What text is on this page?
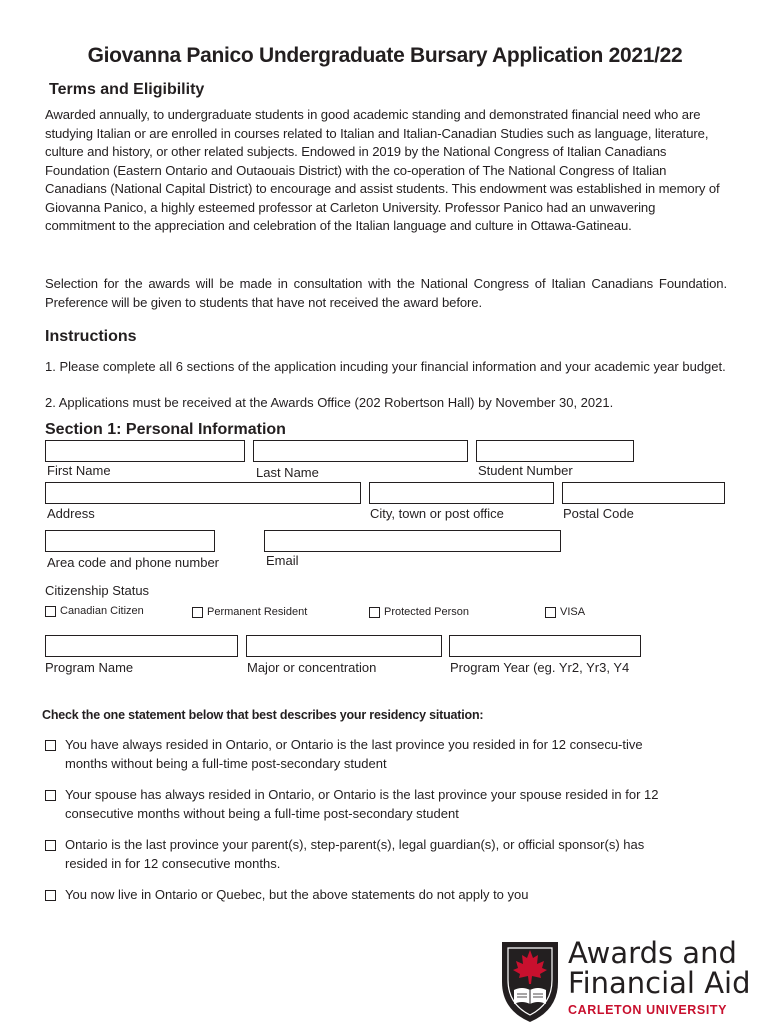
Giovanna Panico Undergraduate Bursary Application 2021/22
Terms and Eligibility
Awarded annually, to undergraduate students in good academic standing and demonstrated financial need who are studying Italian or are enrolled in courses related to Italian and Italian-Canadian Studies such as language, literature, culture and history, or other related subjects. Endowed in 2019 by the National Congress of Italian Canadians Foundation (Eastern Ontario and Outaouais District) with the co-operation of The National Congress of Italian Canadians (National Capital District) to encourage and assist students. This endowment was established in memory of Giovanna Panico, a highly esteemed professor at Carleton University. Professor Panico had an unwavering commitment to the appreciation and celebration of the Italian language and culture in Ottawa-Gatineau.
Selection for the awards will be made in consultation with the National Congress of Italian Canadians Foundation. Preference will be given to students that have not received the award before.
Instructions
1. Please complete all 6 sections of the application incuding your financial information and your academic year budget.
2. Applications must be received at the Awards Office (202 Robertson Hall) by November 30, 2021.
Section 1: Personal Information
First Name	Last Name	Student Number
Address	City, town or post office	Postal Code
Area code and phone number	Email
Citizenship Status
Canadian Citizen	Permanent Resident	Protected Person	VISA
Program Name	Major or concentration	Program Year (eg. Yr2, Yr3, Y4
Check the one statement below that best describes your residency situation:
You have always resided in Ontario, or Ontario is the last province you resided in for 12 consecu-tive months without being a full-time post-secondary student
Your spouse has always resided in Ontario, or Ontario is the last province your spouse resided in for 12 consecutive months without being a full-time post-secondary student
Ontario is the last province your parent(s), step-parent(s), legal guardian(s), or official sponsor(s) has resided in for 12 consecutive months.
You now live in Ontario or Quebec, but the above statements do not apply to you
Awards and
Financial Aid
CARLETON UNIVERSITY
